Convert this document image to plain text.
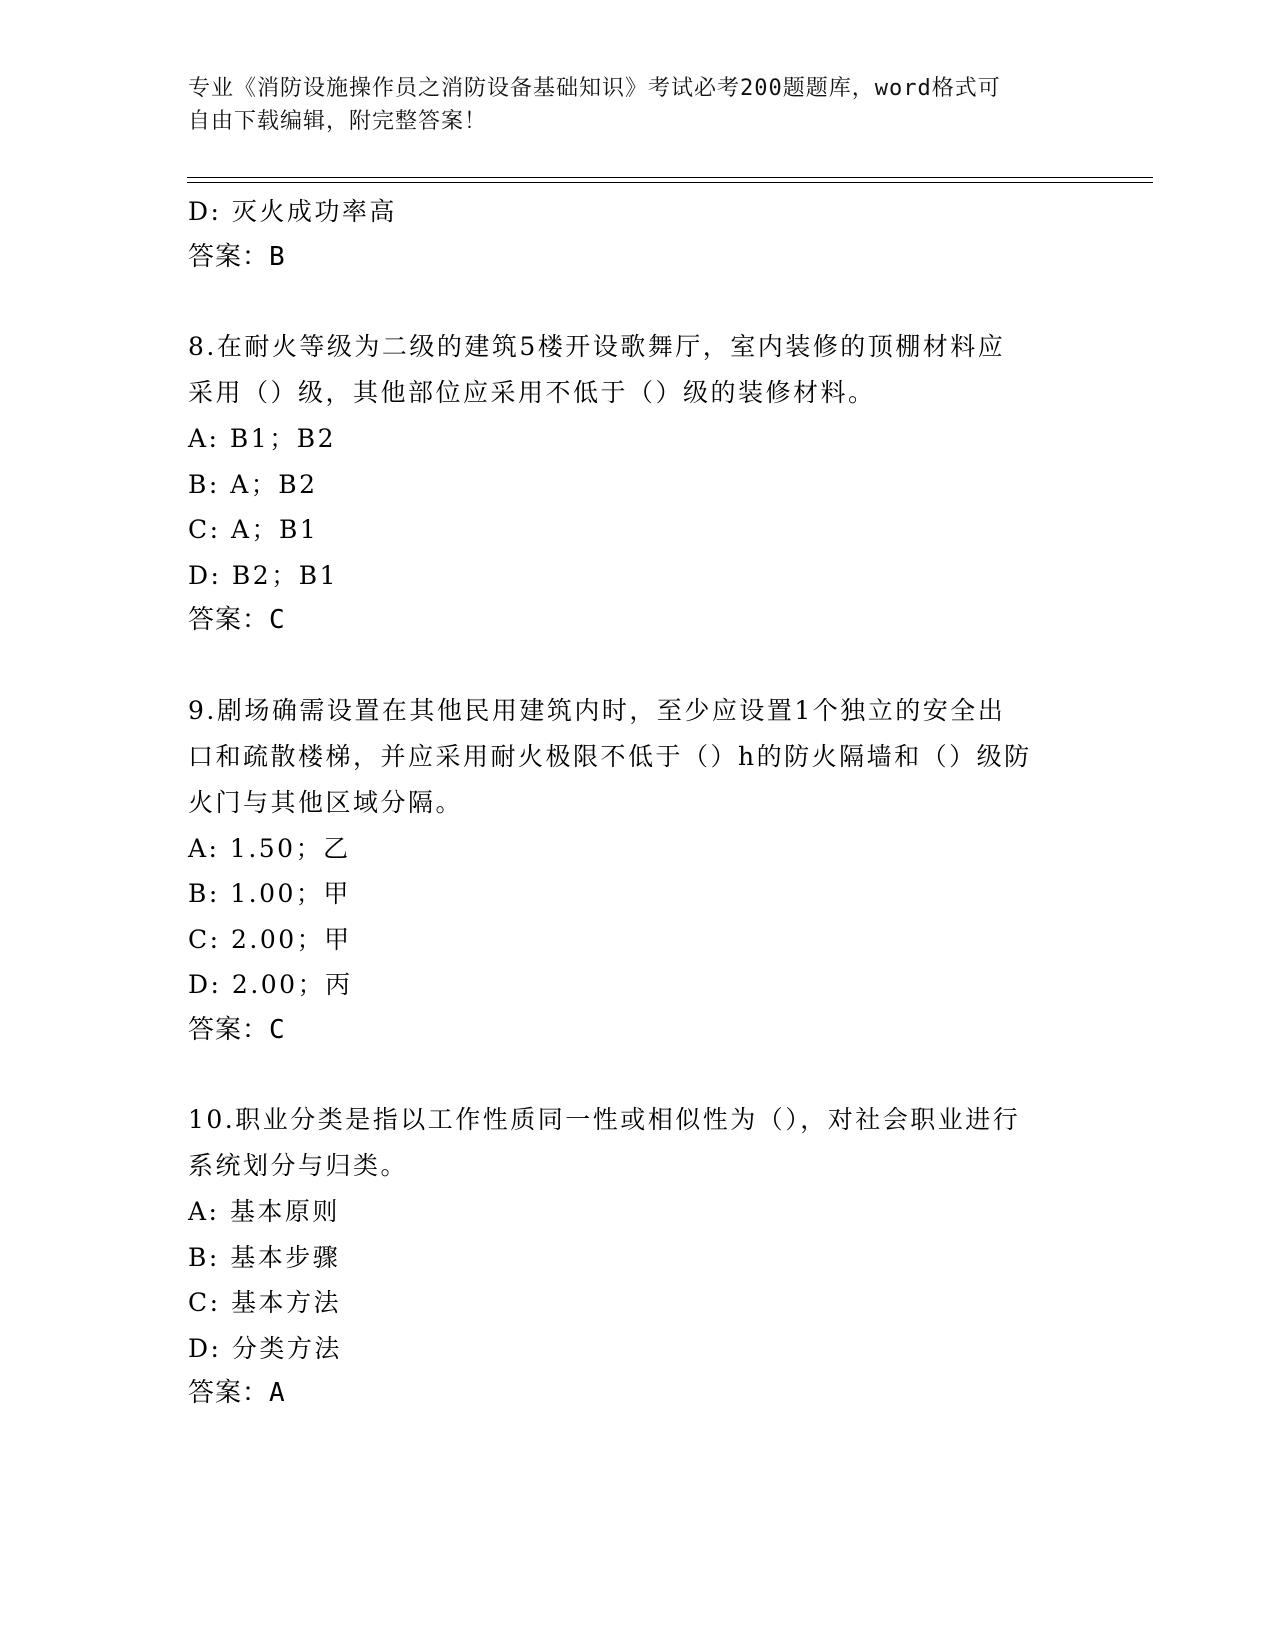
专业《消防设施操作员之消防设备基础知识》考试必考200题题库，word格式可
自由下载编辑，附完整答案！
D: 灭火成功率高
答案：B
8.在耐火等级为二级的建筑5楼开设歌舞厅，室内装修的顶棚材料应
采用（）级，其他部位应采用不低于（）级的装修材料。
A: B1；B2
B: A；B2
C: A；B1
D: B2；B1
答案：C
9.剧场确需设置在其他民用建筑内时，至少应设置1个独立的安全出
口和疏散楼梯，并应采用耐火极限不低于（）h的防火隔墙和（）级防
火门与其他区域分隔。
A: 1.50；乙
B: 1.00；甲
C: 2.00；甲
D: 2.00；丙
答案：C
10.职业分类是指以工作性质同一性或相似性为（），对社会职业进行
系统划分与归类。
A: 基本原则
B: 基本步骤
C: 基本方法
D: 分类方法
答案：A
